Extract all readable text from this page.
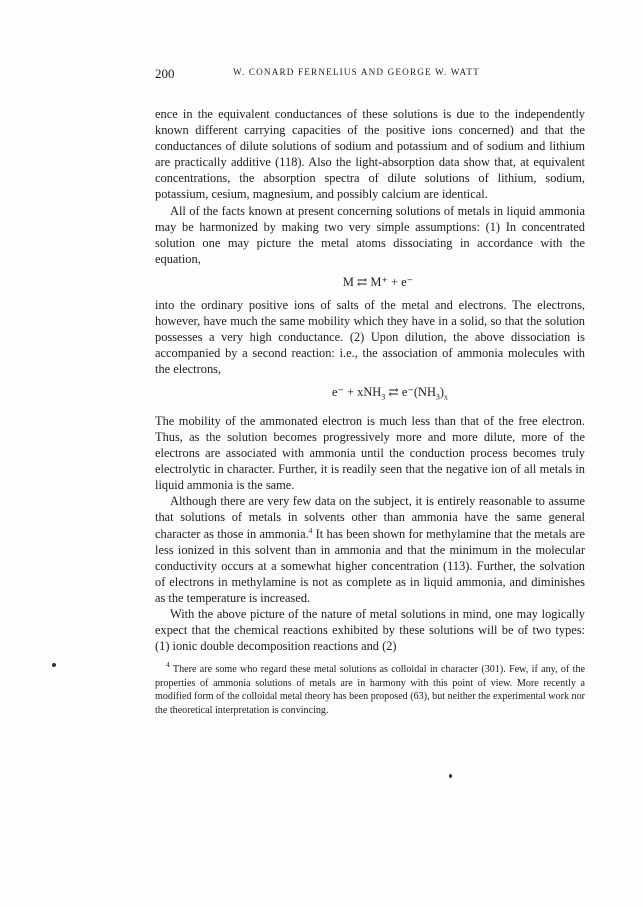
200	W. CONARD FERNELIUS AND GEORGE W. WATT

ence in the equivalent conductances of these solutions is due to the independently known different carrying capacities of the positive ions concerned) and that the conductances of dilute solutions of sodium and potassium and of sodium and lithium are practically additive (118). Also the light-absorption data show that, at equivalent concentrations, the absorption spectra of dilute solutions of lithium, sodium, potassium, cesium, magnesium, and possibly calcium are identical.

All of the facts known at present concerning solutions of metals in liquid ammonia may be harmonized by making two very simple assumptions: (1) In concentrated solution one may picture the metal atoms dissociating in accordance with the equation,

M ⇄ M⁺ + e⁻

into the ordinary positive ions of salts of the metal and electrons. The electrons, however, have much the same mobility which they have in a solid, so that the solution possesses a very high conductance. (2) Upon dilution, the above dissociation is accompanied by a second reaction: i.e., the association of ammonia molecules with the electrons,

e⁻ + xNH$_3$ ⇄ $e^-(NH_3)_x$

The mobility of the ammonated electron is much less than that of the free electron. Thus, as the solution becomes progressively more and more dilute, more of the electrons are associated with ammonia until the conduction process becomes truly electrolytic in character. Further, it is readily seen that the negative ion of all metals in liquid ammonia is the same.

Although there are very few data on the subject, it is entirely reasonable to assume that solutions of metals in solvents other than ammonia have the same general character as those in ammonia.$^4$ It has been shown for methylamine that the metals are less ionized in this solvent than in ammonia and that the minimum in the molecular conductivity occurs at a somewhat higher concentration (113). Further, the solvation of electrons in methylamine is not as complete as in liquid ammonia, and diminishes as the temperature is increased.

With the above picture of the nature of metal solutions in mind, one may logically expect that the chemical reactions exhibited by these solutions will be of two types: (1) ionic double decomposition reactions and (2)

$^4$ There are some who regard these metal solutions as colloidal in character (301). Few, if any, of the properties of ammonia solutions of metals are in harmony with this point of view. More recently a modified form of the colloidal metal theory has been proposed (63), but neither the experimental work nor the theoretical interpretation is convincing.
